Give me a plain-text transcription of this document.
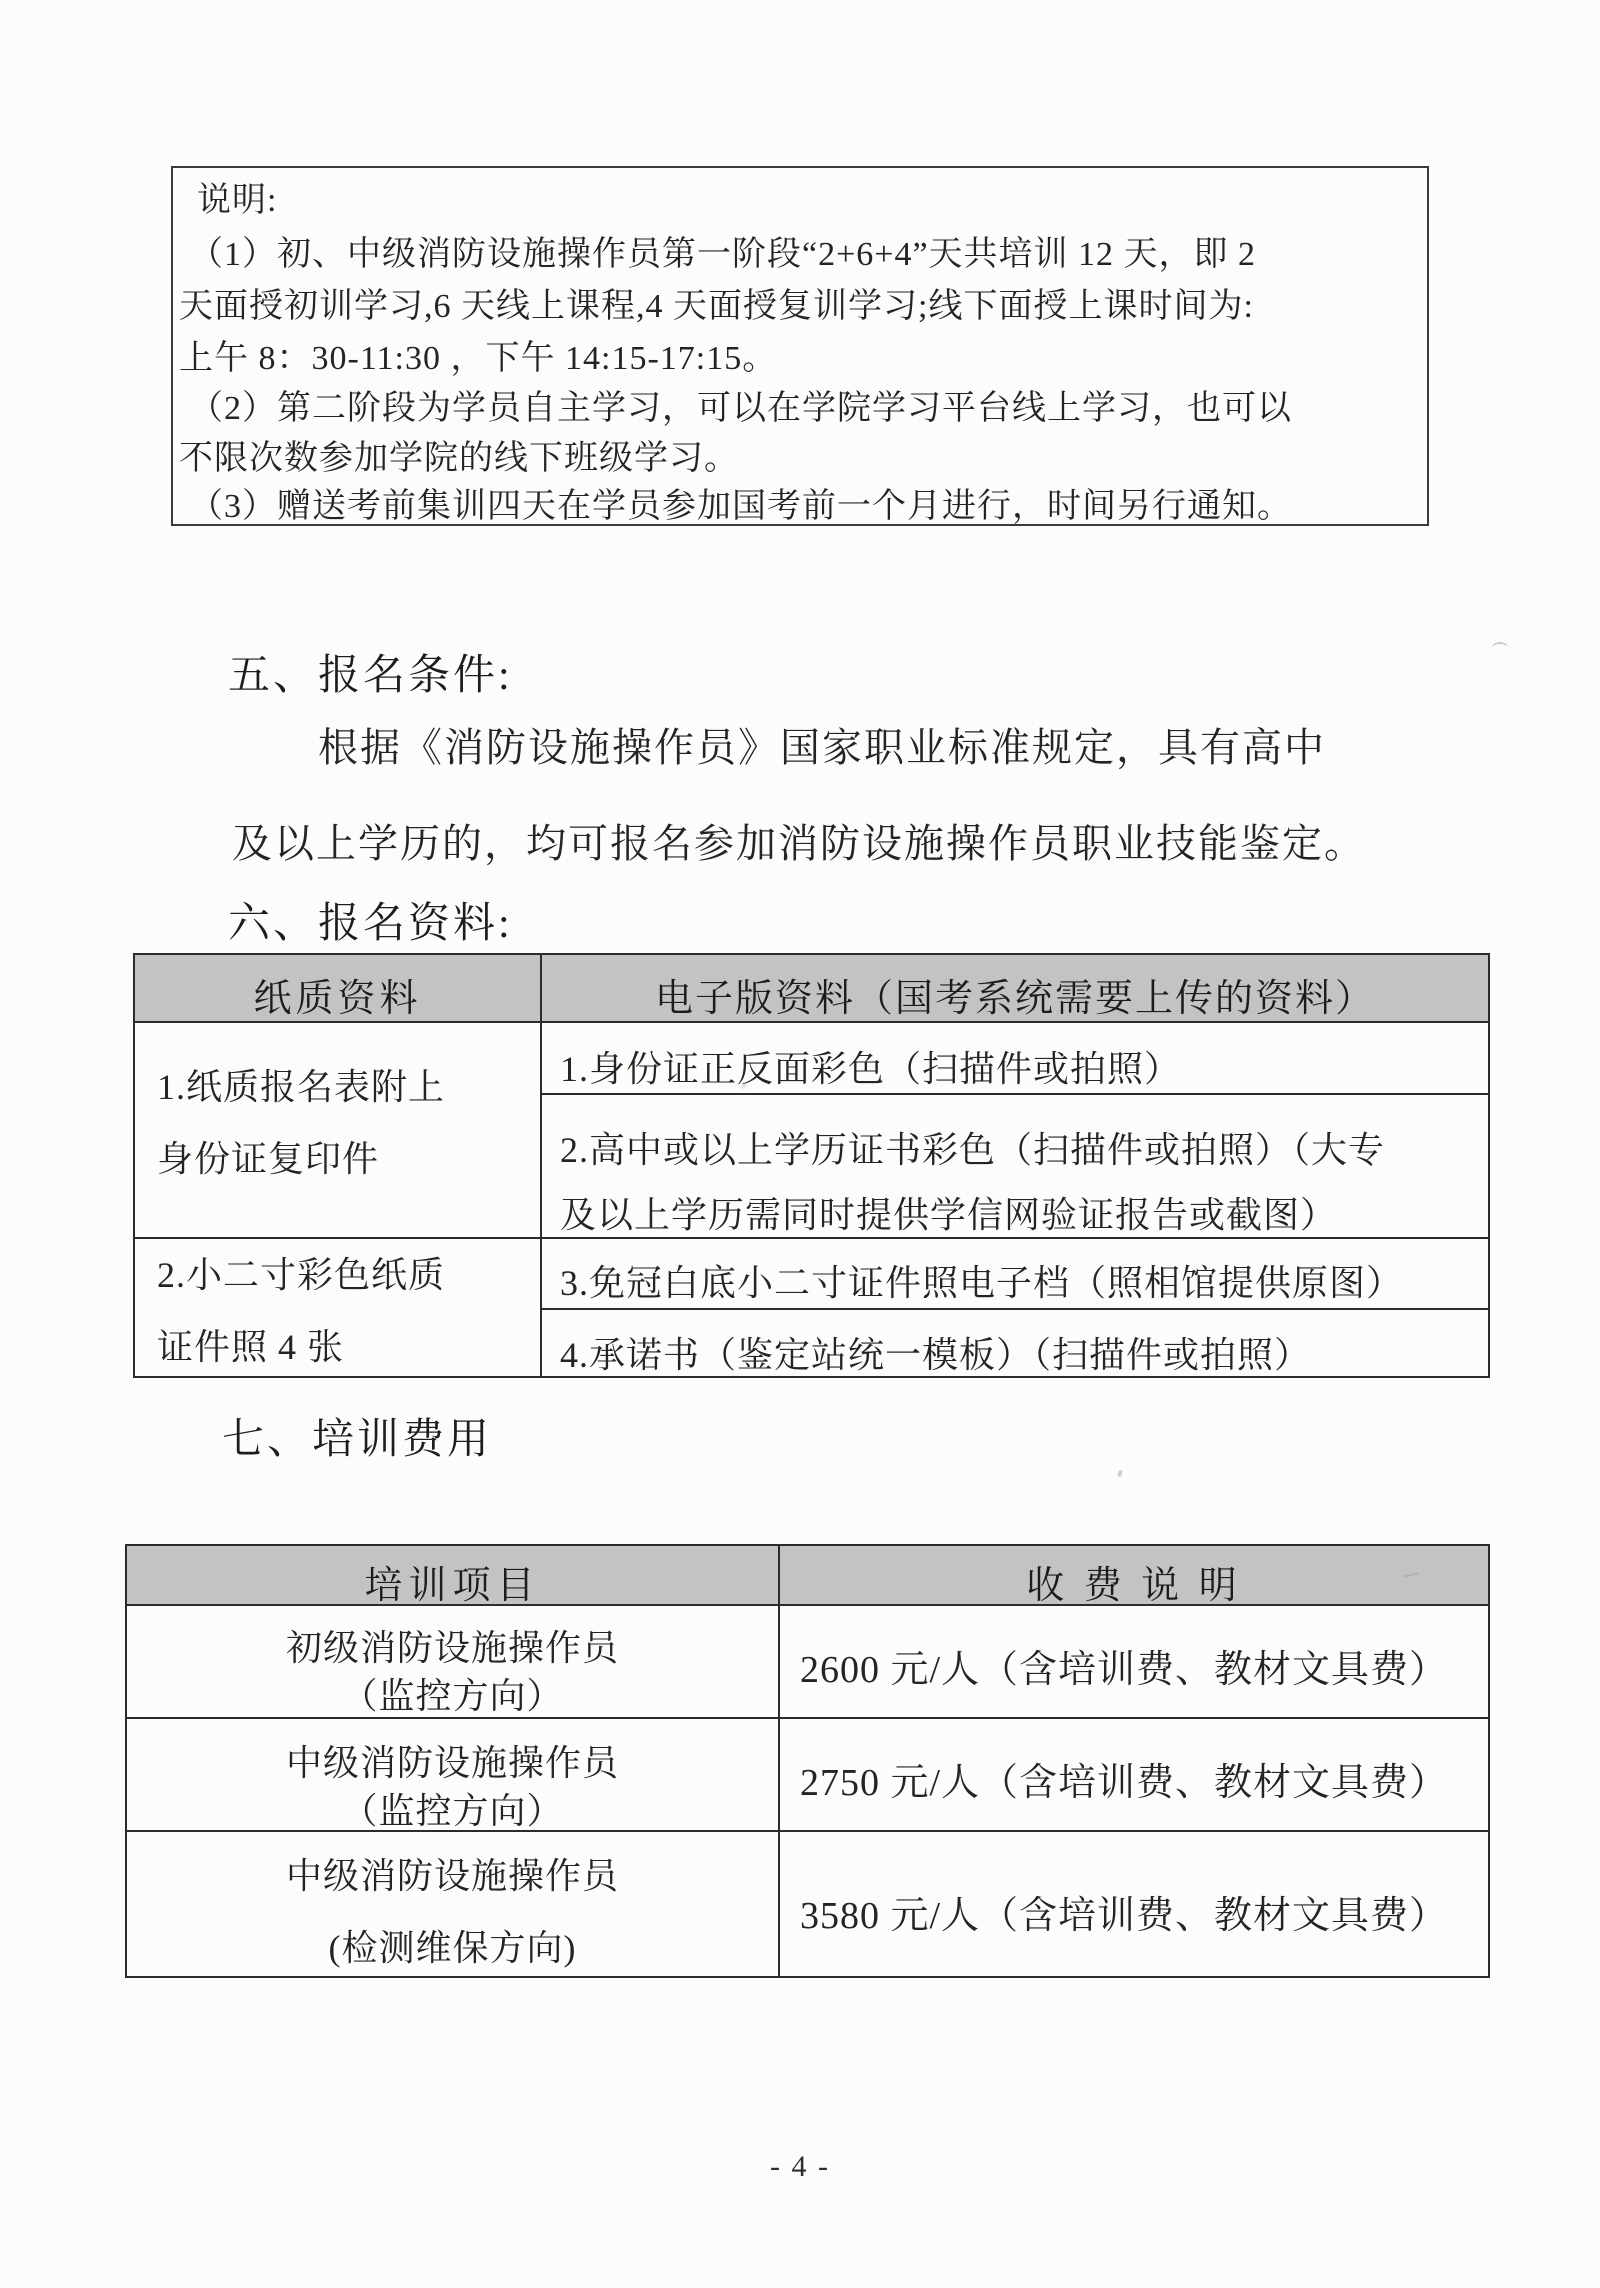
说明:
（1）初、中级消防设施操作员第一阶段“2+6+4”天共培训 12 天，即 2
天面授初训学习,6 天线上课程,4 天面授复训学习;线下面授上课时间为:
上午 8：30-11:30 ，下午 14:15-17:15。
（2）第二阶段为学员自主学习，可以在学院学习平台线上学习，也可以
不限次数参加学院的线下班级学习。
（3）赠送考前集训四天在学员参加国考前一个月进行，时间另行通知。
五、报名条件:
根据《消防设施操作员》国家职业标准规定，具有高中
及以上学历的，均可报名参加消防设施操作员职业技能鉴定。
六、报名资料:
纸质资料	电子版资料（国考系统需要上传的资料）
1.纸质报名表附上
身份证复印件
2.小二寸彩色纸质
证件照 4 张
1.身份证正反面彩色（扫描件或拍照）
2.高中或以上学历证书彩色（扫描件或拍照）（大专
及以上学历需同时提供学信网验证报告或截图）
3.免冠白底小二寸证件照电子档（照相馆提供原图）
4.承诺书（鉴定站统一模板）（扫描件或拍照）
七、培训费用
培训项目	收 费 说 明
初级消防设施操作员
（监控方向）
2600 元/人（含培训费、教材文具费）
中级消防设施操作员
（监控方向）
2750 元/人（含培训费、教材文具费）
中级消防设施操作员
(检测维保方向)
3580 元/人（含培训费、教材文具费）
- 4 -
